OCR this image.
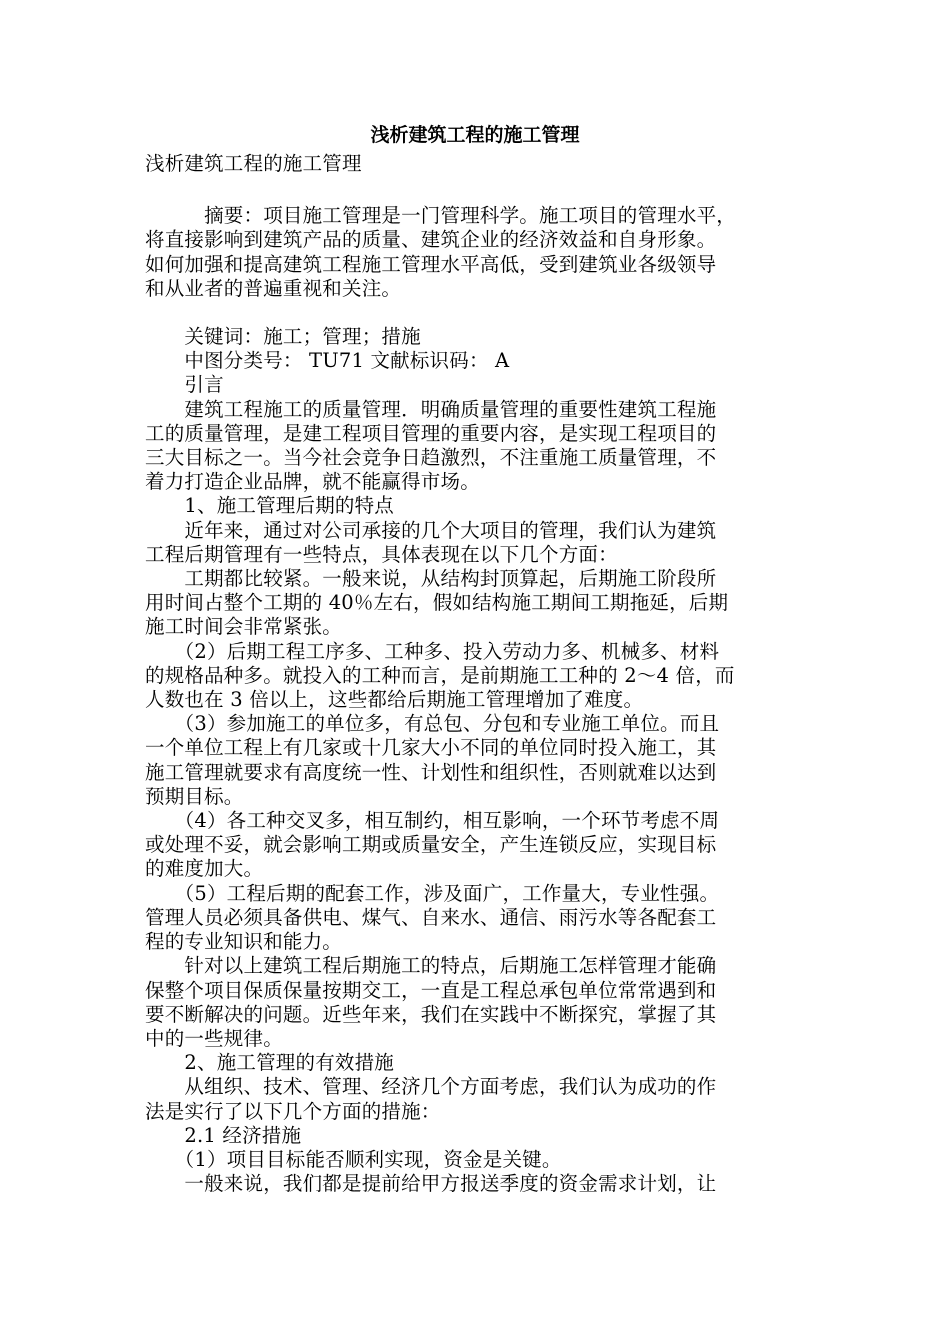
浅析建筑工程的施工管理
浅析建筑工程的施工管理
　　　摘要：项目施工管理是一门管理科学。施工项目的管理水平，
将直接影响到建筑产品的质量、建筑企业的经济效益和自身形象。
如何加强和提高建筑工程施工管理水平高低，受到建筑业各级领导
和从业者的普遍重视和关注。
　　关键词：施工；管理；措施
　　中图分类号： TU71 文献标识码： A
　　引言
　　建筑工程施工的质量管理．明确质量管理的重要性建筑工程施
工的质量管理，是建工程项目管理的重要内容，是实现工程项目的
三大目标之一。当今社会竞争日趋激烈，不注重施工质量管理，不
着力打造企业品牌，就不能赢得市场。
　　1、施工管理后期的特点
　　近年来，通过对公司承接的几个大项目的管理，我们认为建筑
工程后期管理有一些特点，具体表现在以下几个方面：
　　工期都比较紧。一般来说，从结构封顶算起，后期施工阶段所
用时间占整个工期的 40％左右，假如结构施工期间工期拖延，后期
施工时间会非常紧张。
　　（2）后期工程工序多、工种多、投入劳动力多、机械多、材料
的规格品种多。就投入的工种而言，是前期施工工种的 2～4 倍，而
人数也在 3 倍以上，这些都给后期施工管理增加了难度。
　　（3）参加施工的单位多，有总包、分包和专业施工单位。而且
一个单位工程上有几家或十几家大小不同的单位同时投入施工，其
施工管理就要求有高度统一性、计划性和组织性，否则就难以达到
预期目标。
　　（4）各工种交叉多，相互制约，相互影响，一个环节考虑不周
或处理不妥，就会影响工期或质量安全，产生连锁反应，实现目标
的难度加大。
　　（5）工程后期的配套工作，涉及面广，工作量大，专业性强。
管理人员必须具备供电、煤气、自来水、通信、雨污水等各配套工
程的专业知识和能力。
　　针对以上建筑工程后期施工的特点，后期施工怎样管理才能确
保整个项目保质保量按期交工，一直是工程总承包单位常常遇到和
要不断解决的问题。近些年来，我们在实践中不断探究，掌握了其
中的一些规律。
　　2、施工管理的有效措施
　　从组织、技术、管理、经济几个方面考虑，我们认为成功的作
法是实行了以下几个方面的措施：
　　2.1 经济措施
　　（1）项目目标能否顺利实现，资金是关键。
　　一般来说，我们都是提前给甲方报送季度的资金需求计划，让
